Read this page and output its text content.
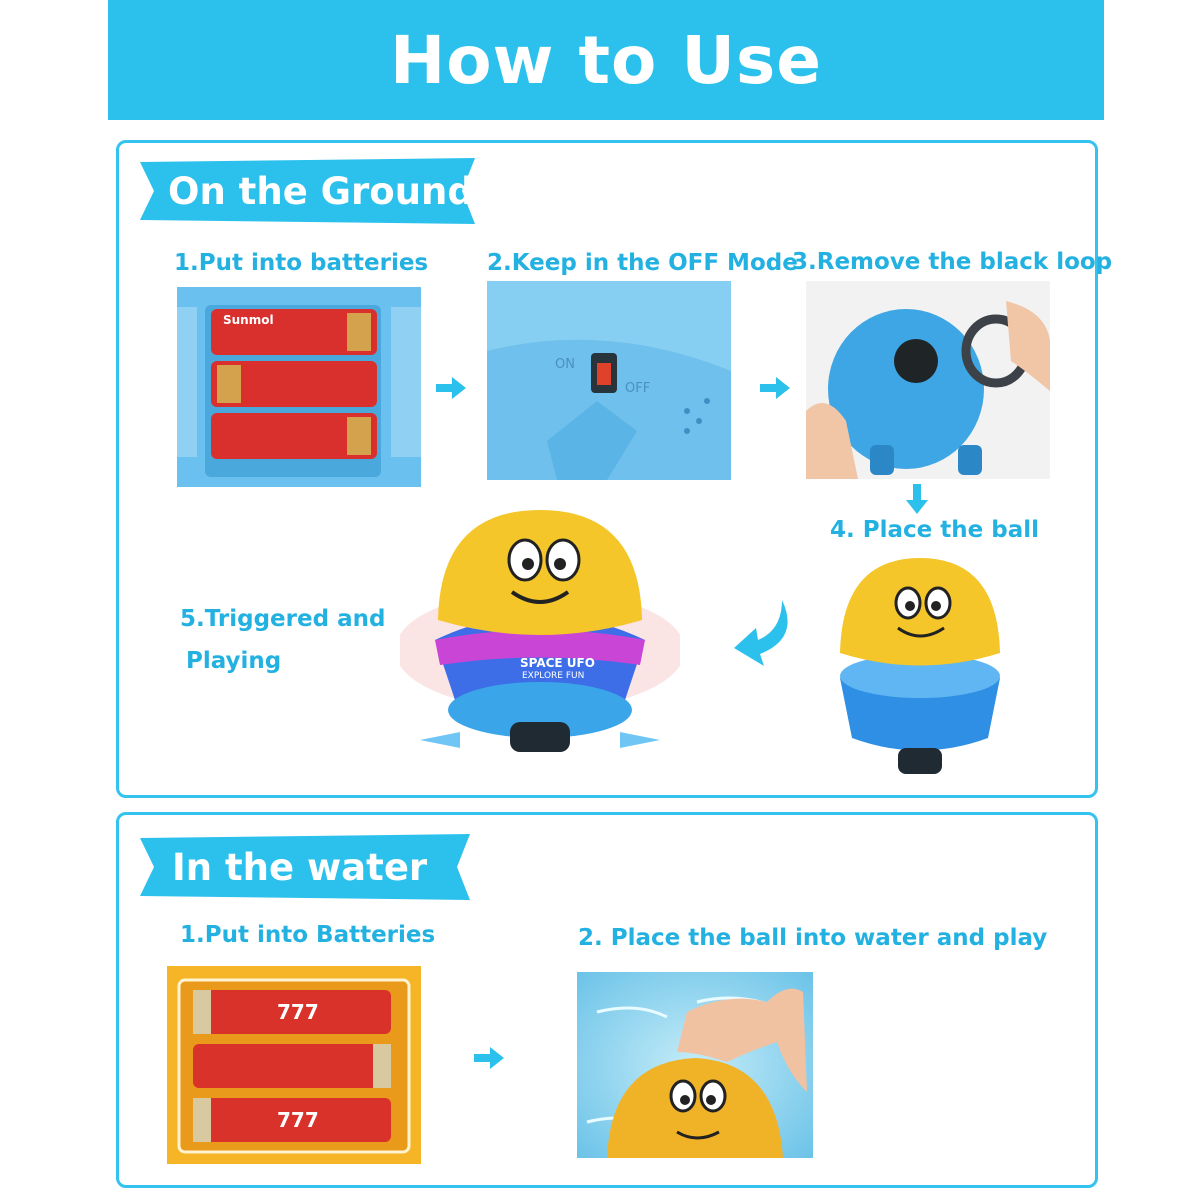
How to Use
On the Ground
1.Put into batteries	2.Keep in the OFF Mode
3.Remove the black loop
4. Place the ball
5.Triggered and
Playing
Sunmol
ON
OFF
SPACE UFO
EXPLORE FUN
In the water
1.Put into Batteries	2. Place the ball into water and play
777
777
